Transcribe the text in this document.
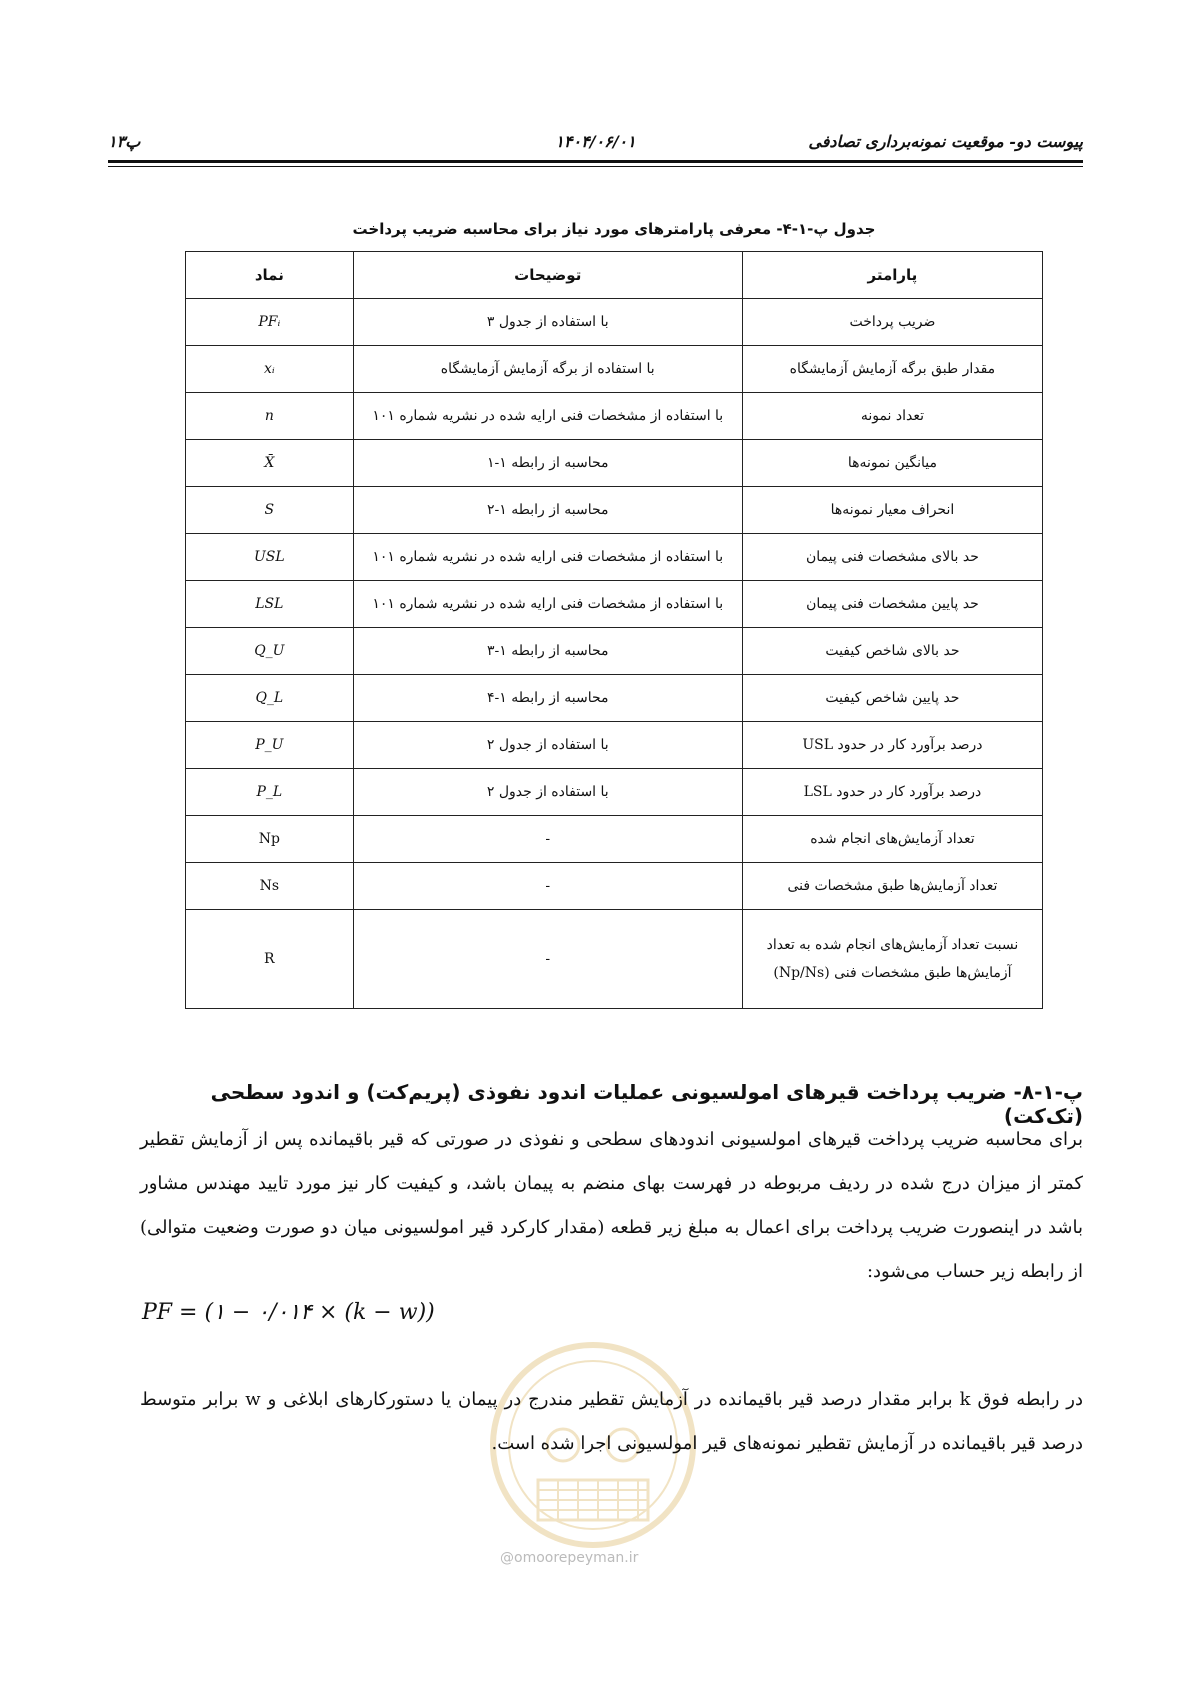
پیوست دو- موقعیت نمونه‌برداری تصادفی
۱۴۰۴/۰۶/۰۱
پ۱۳
جدول پ-۱-۴- معرفی پارامترهای مورد نیاز برای محاسبه ضریب پرداخت
پارامتر	توضیحات	نماد
ضریب پرداخت	با استفاده از جدول ۳	PFᵢ
مقدار طبق برگه آزمایش آزمایشگاه	با استفاده از برگه آزمایش آزمایشگاه	xᵢ
تعداد نمونه	با استفاده از مشخصات فنی ارایه شده در نشریه شماره ۱۰۱	n
میانگین نمونه‌ها	محاسبه از رابطه ۱-۱	X̄
انحراف معیار نمونه‌ها	محاسبه از رابطه ۱-۲	S
حد بالای مشخصات فنی پیمان	با استفاده از مشخصات فنی ارایه شده در نشریه شماره ۱۰۱	USL
حد پایین مشخصات فنی پیمان	با استفاده از مشخصات فنی ارایه شده در نشریه شماره ۱۰۱	LSL
حد بالای شاخص کیفیت	محاسبه از رابطه ۱-۳	Q_U
حد پایین شاخص کیفیت	محاسبه از رابطه ۱-۴	Q_L
درصد برآورد کار در حدود USL	با استفاده از جدول ۲	P_U
درصد برآورد کار در حدود LSL	با استفاده از جدول ۲	P_L
تعداد آزمایش‌های انجام شده	-	Np
تعداد آزمایش‌ها طبق مشخصات فنی	-	Ns

نسبت تعداد آزمایش‌های انجام شده به تعداد
آزمایش‌ها طبق مشخصات فنی (Np/Ns)	-	R
پ-۱-۸- ضریب پرداخت قیرهای امولسیونی عملیات اندود نفوذی (پریم‌کت) و اندود سطحی (تک‌کت)
برای محاسبه ضریب پرداخت قیرهای امولسیونی اندودهای سطحی و نفوذی در صورتی که قیر باقیمانده پس از آزمایش تقطیر کمتر از میزان درج شده در ردیف مربوطه در فهرست بهای منضم به پیمان باشد، و کیفیت کار نیز مورد تایید مهندس مشاور باشد در اینصورت ضریب پرداخت برای اعمال به مبلغ زیر قطعه (مقدار کارکرد قیر امولسیونی میان دو صورت وضعیت متوالی) از رابطه زیر حساب می‌شود:
PF = (۱ − ۰/۰۱۴ × (k − w))
@omoorepeyman.ir
در رابطه فوق k برابر مقدار درصد قیر باقیمانده در آزمایش تقطیر مندرج در پیمان یا دستورکارهای ابلاغی و w برابر متوسط درصد قیر باقیمانده در آزمایش تقطیر نمونه‌های قیر امولسیونی اجرا شده است.
